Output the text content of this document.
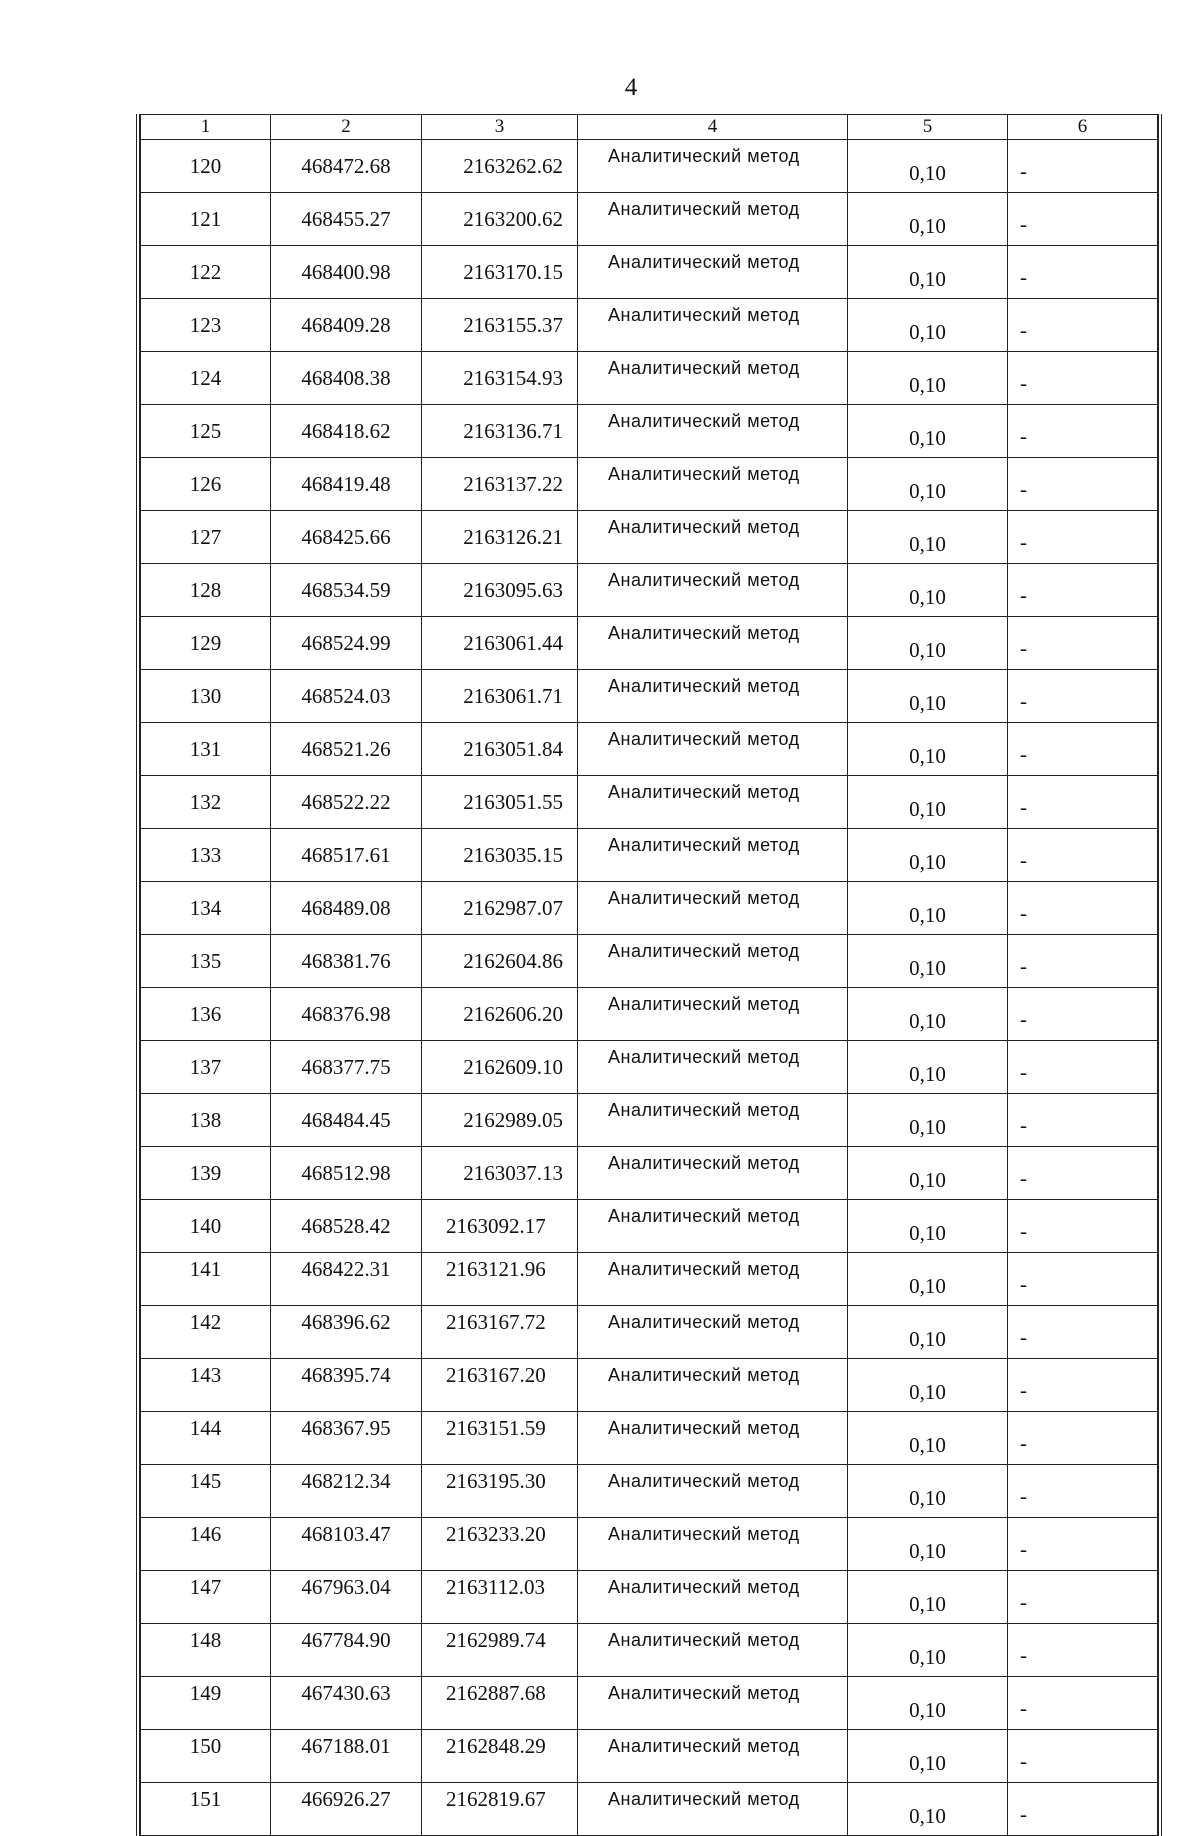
4
1	2	3	4	5	6
120	468472.68	2163262.62	Аналитический метод	0,10	-
121	468455.27	2163200.62	Аналитический метод	0,10	-
122	468400.98	2163170.15	Аналитический метод	0,10	-
123	468409.28	2163155.37	Аналитический метод	0,10	-
124	468408.38	2163154.93	Аналитический метод	0,10	-
125	468418.62	2163136.71	Аналитический метод	0,10	-
126	468419.48	2163137.22	Аналитический метод	0,10	-
127	468425.66	2163126.21	Аналитический метод	0,10	-
128	468534.59	2163095.63	Аналитический метод	0,10	-
129	468524.99	2163061.44	Аналитический метод	0,10	-
130	468524.03	2163061.71	Аналитический метод	0,10	-
131	468521.26	2163051.84	Аналитический метод	0,10	-
132	468522.22	2163051.55	Аналитический метод	0,10	-
133	468517.61	2163035.15	Аналитический метод	0,10	-
134	468489.08	2162987.07	Аналитический метод	0,10	-
135	468381.76	2162604.86	Аналитический метод	0,10	-
136	468376.98	2162606.20	Аналитический метод	0,10	-
137	468377.75	2162609.10	Аналитический метод	0,10	-
138	468484.45	2162989.05	Аналитический метод	0,10	-
139	468512.98	2163037.13	Аналитический метод	0,10	-
140	468528.42	2163092.17	Аналитический метод	0,10	-
141	468422.31	2163121.96	Аналитический метод	0,10	-
142	468396.62	2163167.72	Аналитический метод	0,10	-
143	468395.74	2163167.20	Аналитический метод	0,10	-
144	468367.95	2163151.59	Аналитический метод	0,10	-
145	468212.34	2163195.30	Аналитический метод	0,10	-
146	468103.47	2163233.20	Аналитический метод	0,10	-
147	467963.04	2163112.03	Аналитический метод	0,10	-
148	467784.90	2162989.74	Аналитический метод	0,10	-
149	467430.63	2162887.68	Аналитический метод	0,10	-
150	467188.01	2162848.29	Аналитический метод	0,10	-
151	466926.27	2162819.67	Аналитический метод	0,10	-
